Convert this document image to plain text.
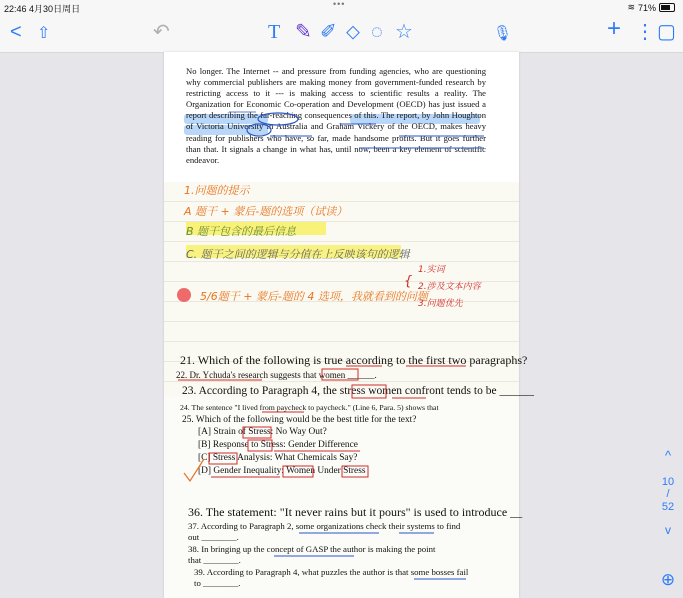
22:46 4月30日周日	•••	≋ 71%
< ⇧	↶	T ✎ ✐ ⬦ ◌ ☆	🎙	+ ⋮ ▢
No longer. The Internet -- and pressure from funding agencies, who are questioning why commercial publishers are making money from government-funded research by restricting access to it --- is making access to scientific results a reality. The Organization for Economic Co-operation and Development (OECD) has just issued a report describing the far-reaching consequences of this. The report, by John Houghton of Victoria University in Australia and Graham Vickery of the OECD, makes heavy reading for publishers who have, so far, made handsome profits. But it goes further than that. It signals a change in what has, until now, been a key element of scientific endeavor.
1.问题的提示
A 题干 + 蒙后-题的选项（试读）
B 题干包含的最后信息
C. 题干之间的逻辑与分值在上反映该句的逻辑
5/6题干 + 蒙后-题的 4 选项，我就看到的问题
{
1.实词
2.涉及文本内容
3.问题优先
21. Which of the following is true according to the first two paragraphs?
22. Dr. Ychuda's research suggests that women ______.
23. According to Paragraph 4, the stress women confront tends to be ______
24. The sentence "I lived from paycheck to paycheck." (Line 6, Para. 5) shows that
25. Which of the following would be the best title for the text?
[A] Strain of Stress: No Way Out?
[B] Response to Stress: Gender Difference
[C] Stress Analysis: What Chemicals Say?
[D] Gender Inequality: Women Under Stress
36. The statement: "It never rains but it pours" is used to introduce __
37. According to Paragraph 2, some organizations check their systems to find
out ________.
38. In bringing up the concept of GASP the author is making the point
that ________.
39. According to Paragraph 4, what puzzles the author is that some bosses fail
to ________.
^
10
/
52
v
⊕
